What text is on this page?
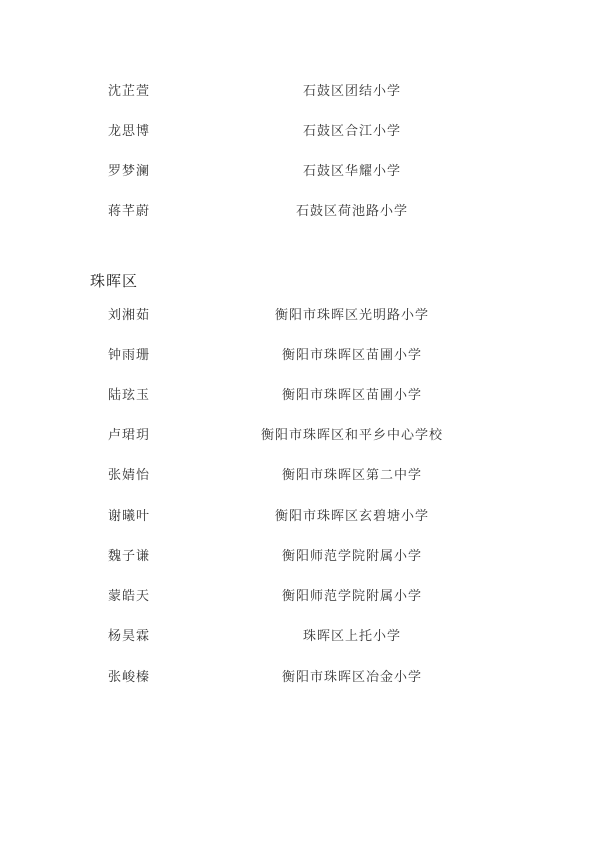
沈芷萱	石鼓区团结小学
龙思博	石鼓区合江小学
罗梦澜	石鼓区华耀小学
蒋芊蔚	石鼓区荷池路小学
珠晖区
刘湘茹	衡阳市珠晖区光明路小学
钟雨珊	衡阳市珠晖区苗圃小学
陆玹玉	衡阳市珠晖区苗圃小学
卢珺玥	衡阳市珠晖区和平乡中心学校
张婧怡	衡阳市珠晖区第二中学
谢曦叶	衡阳市珠晖区玄碧塘小学
魏子谦	衡阳师范学院附属小学
蒙皓天	衡阳师范学院附属小学
杨昊霖	珠晖区上托小学
张峻榛	衡阳市珠晖区冶金小学
